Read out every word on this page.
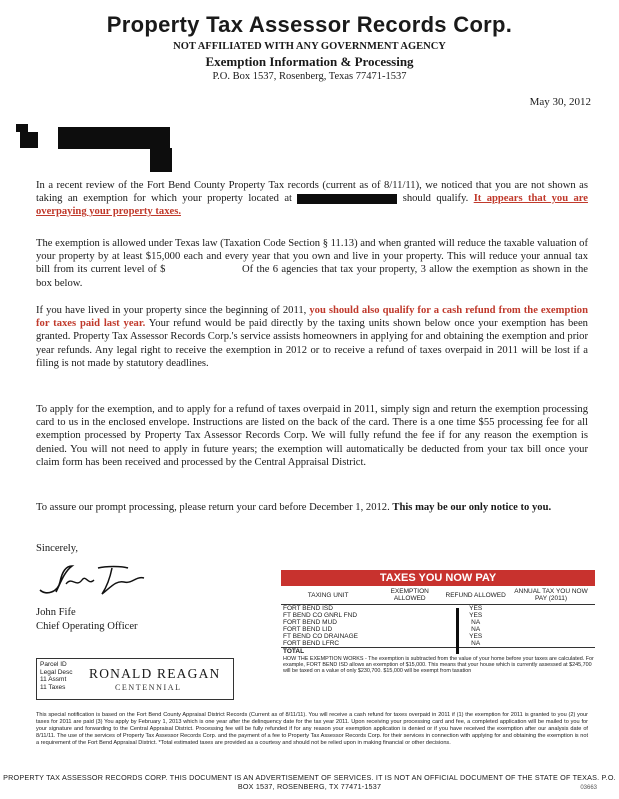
Property Tax Assessor Records Corp.
NOT AFFILIATED WITH ANY GOVERNMENT AGENCY
Exemption Information & Processing
P.O. Box 1537, Rosenberg, Texas 77471-1537
May 30, 2012

In a recent review of the Fort Bend County Property Tax records (current as of 8/11/11), we noticed that you are not shown as taking an exemption for which your property located at	should qualify. It appears that you are overpaying your property taxes.

The exemption is allowed under Texas law (Taxation Code Section § 11.13) and when granted will reduce the taxable valuation of your property by at least $15,000 each and every year that you own and live in your property. This will reduce your annual tax bill from its current level of $	Of the 6 agencies that tax your property, 3 allow the exemption as shown in the box below.

If you have lived in your property since the beginning of 2011, you should also qualify for a cash refund from the exemption for taxes paid last year. Your refund would be paid directly by the taxing units shown below once your exemption has been granted. Property Tax Assessor Records Corp.'s service assists homeowners in applying for and obtaining the exemption and prior year refunds. Any legal right to receive the exemption in 2012 or to receive a refund of taxes overpaid in 2011 will be lost if a filing is not made by statutory deadlines.

To apply for the exemption, and to apply for a refund of taxes overpaid in 2011, simply sign and return the exemption processing card to us in the enclosed envelope. Instructions are listed on the back of the card. There is a one time $55 processing fee for all exemption processed by Property Tax Assessor Records Corp. We will fully refund the fee if for any reason the exemption is denied. You will not need to apply in future years; the exemption will automatically be deducted from your tax bill once your claim form has been received and processed by the Central Appraisal District.

To assure our prompt processing, please return your card before December 1, 2012. This may be our only notice to you.

Sincerely,
John Fife
Chief Operating Officer
TAXES YOU NOW PAY
TAXING UNIT	EXEMPTION ALLOWED	REFUND ALLOWED	ANNUAL TAX YOU NOW PAY (2011)
FORT BEND ISD		YES	
FT BEND CO GNRL FND		YES	
FORT BEND MUD		NA	
FORT BEND LID		NA	
FT BEND CO DRAINAGE		YES	
FORT BEND LFRC		NA	
TOTAL			
HOW THE EXEMPTION WORKS - The exemption is subtracted from the value of your home before your taxes are calculated. For example, FORT BEND ISD allows an exemption of $15,000. This means that your house which is currently assessed at $245,700 will be taxed on a value of only $230,700. $15,000 will be exempt from taxation
Parcel ID
Legal Desc
11 Assmt
11 Taxes
RONALD REAGAN
CENTENNIAL
This special notification is based on the Fort Bend County Appraisal District Records (Current as of 8/11/11). You will receive a cash refund for taxes overpaid in 2011 if (1) the exemption for 2011 is granted to you (2) your taxes for 2011 are paid (3) You apply by February 1, 2013 which is one year after the delinquency date for the tax year 2011. Upon receiving your processing card and fee, a completed application will be mailed to you for your signature and forwarding to the Central Appraisal District. Processing fee will be fully refunded if for any reason your exemption application is denied or if you have received the exemption after our analysis date of 8/11/11. The use of the services of Property Tax Assessor Records Corp. and the payment of a fee to Property Tax Assessor Records Corp. for their services in connection with applying for and obtaining the exemption is not a requirement of the Fort Bend Appraisal District. *Total estimated taxes are provided as a courtesy and should not be relied upon in making financial or other decisions.
PROPERTY TAX ASSESSOR RECORDS CORP. THIS DOCUMENT IS AN ADVERTISEMENT OF SERVICES. IT IS NOT AN OFFICIAL DOCUMENT OF THE STATE OF TEXAS. P.O. BOX 1537, ROSENBERG, TX 77471-1537	03663
